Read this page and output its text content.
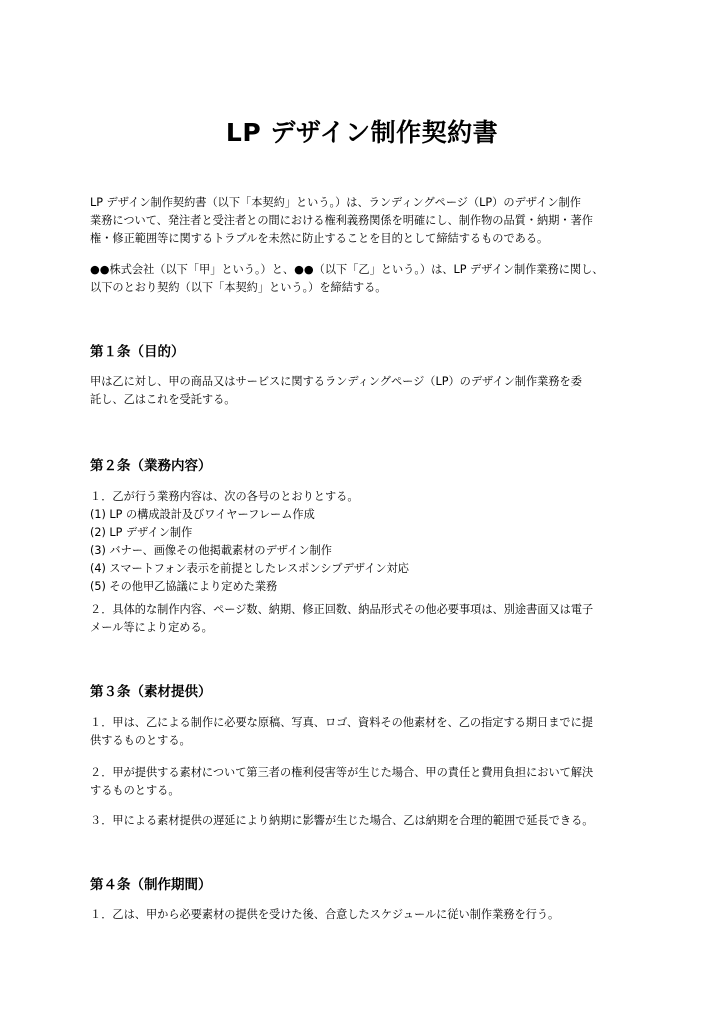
LP デザイン制作契約書
LP デザイン制作契約書（以下「本契約」という。）は、ランディングページ（LP）のデザイン制作
業務について、発注者と受注者との間における権利義務関係を明確にし、制作物の品質・納期・著作
権・修正範囲等に関するトラブルを未然に防止することを目的として締結するものである。
●●株式会社（以下「甲」という。）と、●●（以下「乙」という。）は、LP デザイン制作業務に関し、
以下のとおり契約（以下「本契約」という。）を締結する。
第１条（目的）
甲は乙に対し、甲の商品又はサービスに関するランディングページ（LP）のデザイン制作業務を委
託し、乙はこれを受託する。
第２条（業務内容）
１．乙が行う業務内容は、次の各号のとおりとする。
(1) LP の構成設計及びワイヤーフレーム作成
(2) LP デザイン制作
(3) バナー、画像その他掲載素材のデザイン制作
(4) スマートフォン表示を前提としたレスポンシブデザイン対応
(5) その他甲乙協議により定めた業務
２．具体的な制作内容、ページ数、納期、修正回数、納品形式その他必要事項は、別途書面又は電子
メール等により定める。
第３条（素材提供）
１．甲は、乙による制作に必要な原稿、写真、ロゴ、資料その他素材を、乙の指定する期日までに提
供するものとする。
２．甲が提供する素材について第三者の権利侵害等が生じた場合、甲の責任と費用負担において解決
するものとする。
３．甲による素材提供の遅延により納期に影響が生じた場合、乙は納期を合理的範囲で延長できる。
第４条（制作期間）
１．乙は、甲から必要素材の提供を受けた後、合意したスケジュールに従い制作業務を行う。
